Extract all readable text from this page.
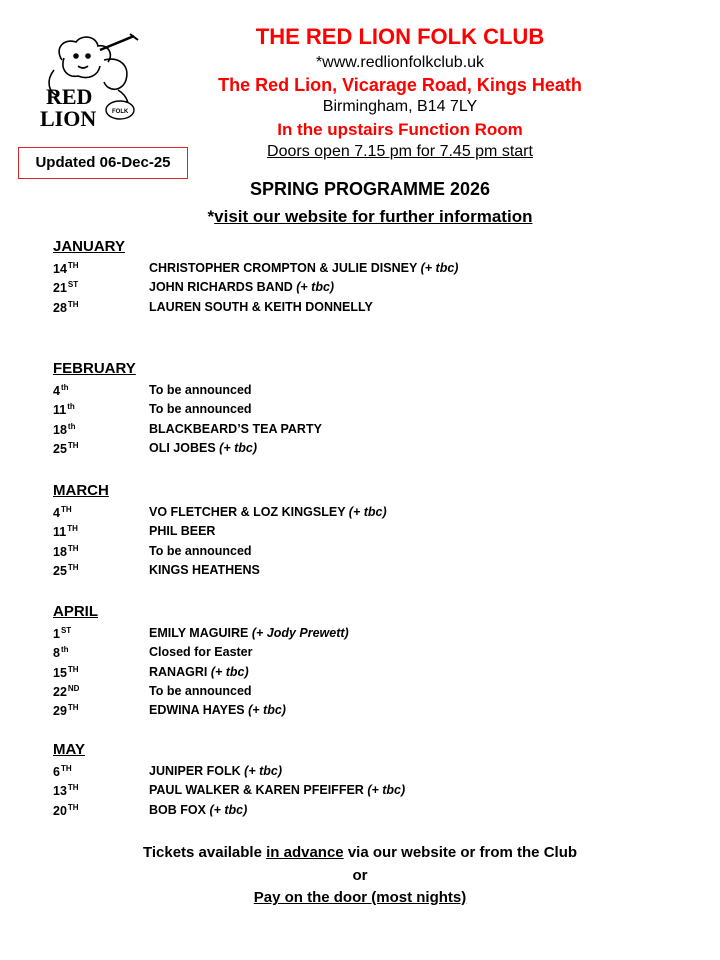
RED
LION	FOLK
THE RED LION FOLK CLUB
*www.redlionfolkclub.uk
The Red Lion, Vicarage Road, Kings Heath
Birmingham, B14 7LY
In the upstairs Function Room
Doors open 7.15 pm for 7.45 pm start
Updated 06-Dec-25
SPRING PROGRAMME 2026
*visit our website for further information
JANUARY
14TH	CHRISTOPHER CROMPTON & JULIE DISNEY (+ tbc)
21ST	JOHN RICHARDS BAND (+ tbc)
28TH	LAUREN SOUTH & KEITH DONNELLY
FEBRUARY
4th	To be announced
11th	To be announced
18th	BLACKBEARD’S TEA PARTY
25TH	OLI JOBES (+ tbc)
MARCH
4TH	VO FLETCHER & LOZ KINGSLEY (+ tbc)
11TH	PHIL BEER
18TH	To be announced
25TH	KINGS HEATHENS
APRIL
1ST	EMILY MAGUIRE (+ Jody Prewett)
8th	Closed for Easter
15TH	RANAGRI (+ tbc)
22ND	To be announced
29TH	EDWINA HAYES (+ tbc)
MAY
6TH	JUNIPER FOLK (+ tbc)
13TH	PAUL WALKER & KAREN PFEIFFER (+ tbc)
20TH	BOB FOX (+ tbc)
Tickets available in advance via our website or from the Club
or
Pay on the door (most nights)
